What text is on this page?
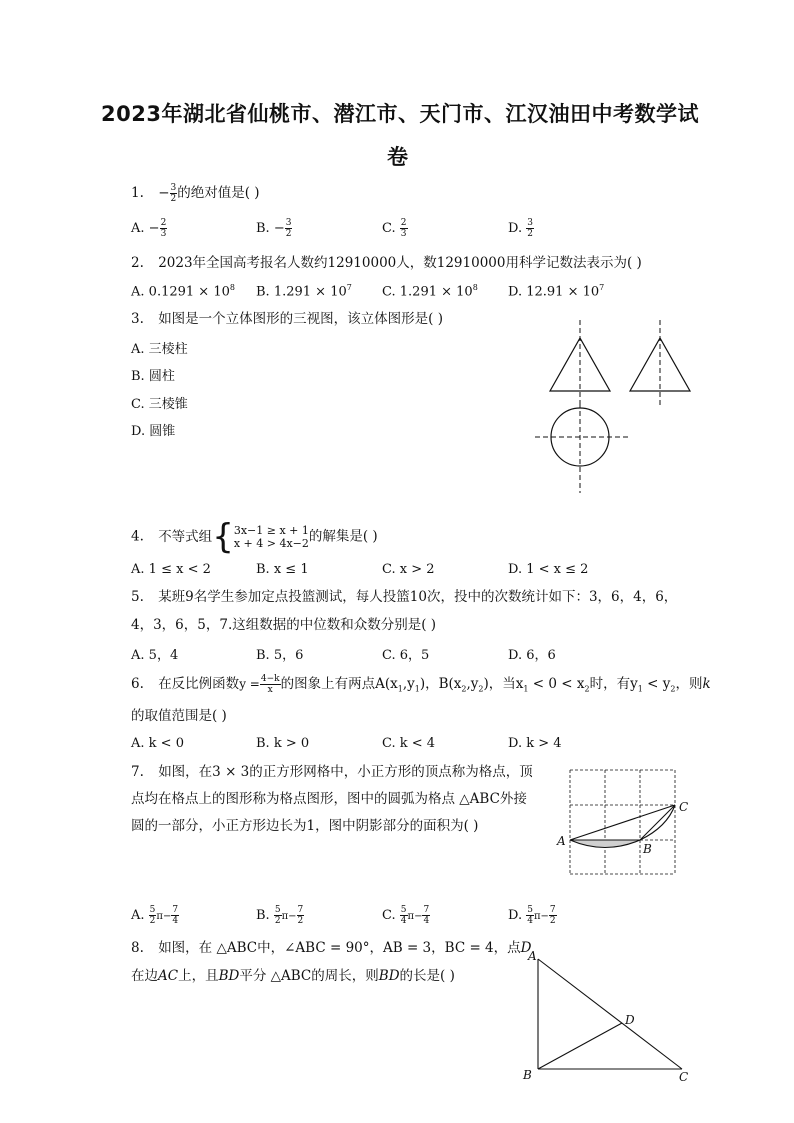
2023年湖北省仙桃市、潜江市、天门市、江汉油田中考数学试
卷
1. − $\frac{3}{2}$ 的绝对值是( )
A. − $\frac{2}{3}$	B. − $\frac{3}{2}$	C. $\frac{2}{3}$	D. $\frac{3}{2}$
2. 2023年全国高考报名人数约12910000人，数12910000用科学记数法表示为( )
A. $0.1291 \times 10^8$ B. $1.291 \times 10^7$ C. $1.291 \times 10^8$ D. $12.91 \times 10^7$
3. 如图是一个立体图形的三视图，该立体图形是( )
A. 三棱柱
B. 圆柱
C. 三棱锥
D. 圆锥
4. 不等式组{ 3x−1 ≥ x + 1
x + 4 > 4x−2 的解集是( )
A. 1 ≤ x < 2	B. x ≤ 1	C. x > 2	D. 1 < x ≤ 2
5. 某班9名学生参加定点投篮测试，每人投篮10次，投中的次数统计如下：3，6，4，6，
4，3，6，5，7.这组数据的中位数和众数分别是( )
A. 5，4	B. 5，6	C. 6，5	D. 6，6
6. 在反比例函数$y = \frac{4-k}{x}$ 的图象上有两点$A(x_1,y_1)$，$B(x_2,y_2)$，当$x_1 < 0 < x_2$时，有$y_1 < y_2$，则k
的取值范围是( )
A. k < 0	B. k > 0	C. k < 4	D. k > 4
7. 如图，在3 × 3的正方形网格中，小正方形的顶点称为格点，顶
点均在格点上的图形称为格点图形，图中的圆弧为格点 △ABC外接
圆的一部分，小正方形边长为1，图中阴影部分的面积为( )
A
B
C
A. $\frac{5}{2} \pi- \frac{7}{4}$	B. $\frac{5}{2} \pi- \frac{7}{2}$	C. $\frac{5}{4} \pi- \frac{7}{4}$	D. $\frac{5}{4} \pi- \frac{7}{2}$
8. 如图，在 △ABC中，∠ABC = 90°，AB = 3，BC = 4，点D
在边AC上，且BD平分 △ABC的周长，则BD的长是( )
A
B	C
D
